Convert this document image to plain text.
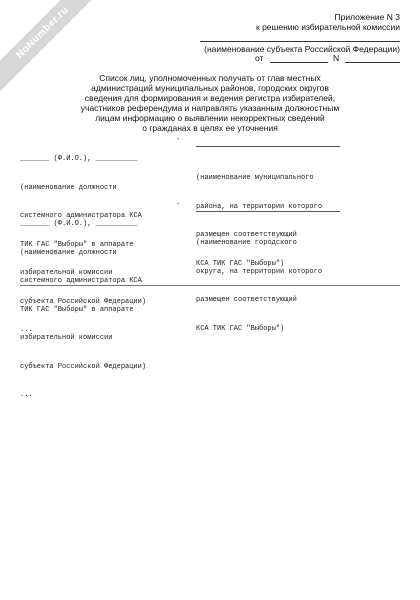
NoNumber.ru	Приложение N 3
к решению избирательной комиссии
(наименование субъекта Российской Федерации)
от	N
Список лиц, уполномоченных получать от глав местных
администраций муниципальных районов, городских округов
сведения для формирования и ведения регистра избирателей,
участников референдума и направлять указанным должностным
лицам информацию о выявлении некорректных сведений
о гражданах в целях ее уточнения

_______ (Ф.И.О.), __________

(наименование должности

системного администратора КСА

ТИК ГАС "Выборы" в аппарате

избирательной комиссии

субъекта Российской Федерации)

...

-

(наименование муниципального

района, на территории которого

размещен соответствующий

КСА ТИК ГАС "Выборы")

_______ (Ф.И.О.), __________

(наименование должности

системного администратора КСА

ТИК ГАС "Выборы" в аппарате

избирательной комиссии

субъекта Российской Федерации)

...

-

(наименование городского

округа, на территории которого

размещен соответствующий

КСА ТИК ГАС "Выборы")
